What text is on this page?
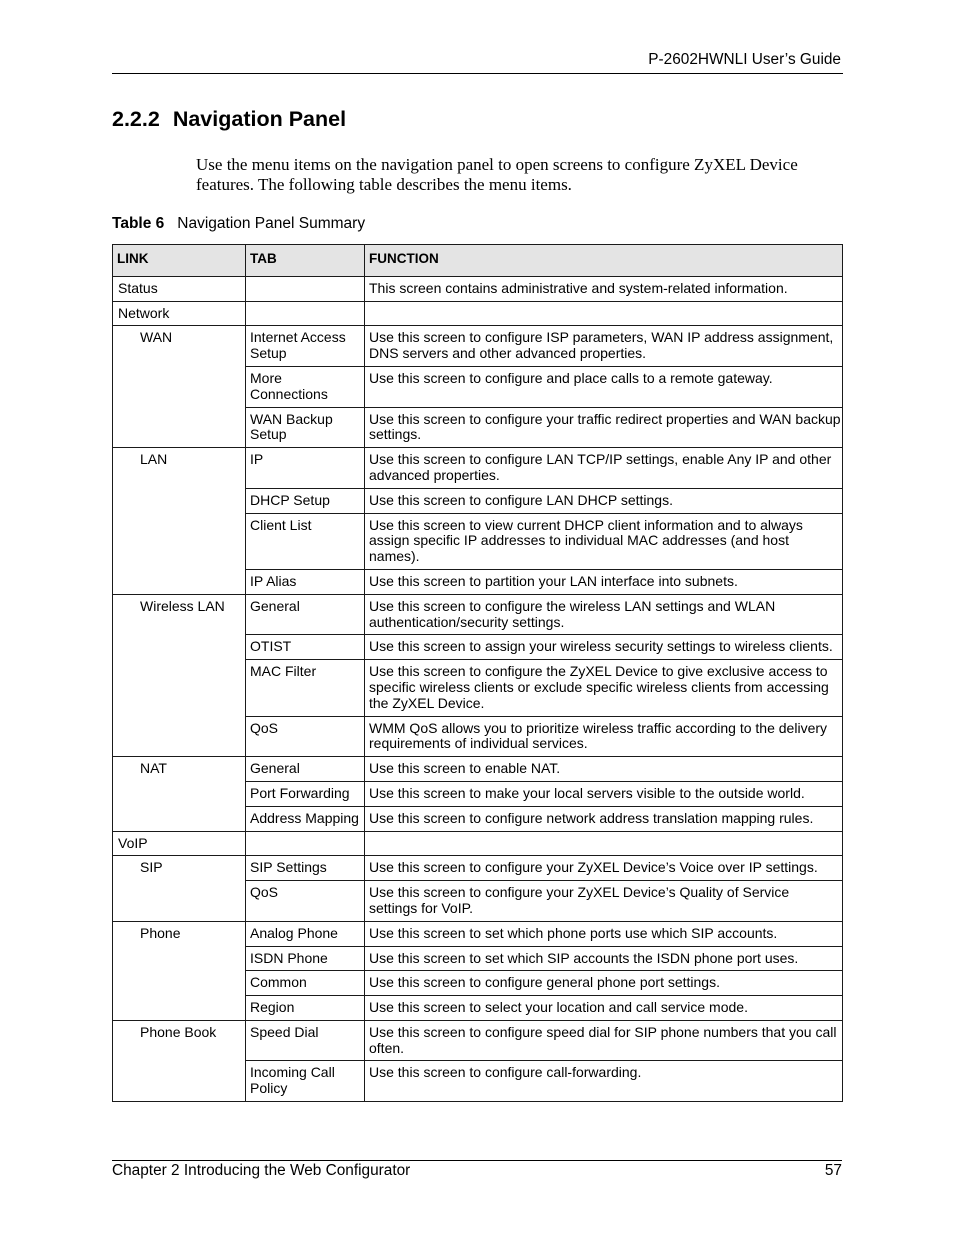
P-2602HWNLI User’s Guide
2.2.2 Navigation Panel

Use the menu items on the navigation panel to open screens to configure ZyXEL Device features. The following table describes the menu items.

Table 6 Navigation Panel Summary
LINK	TAB	FUNCTION
Status		This screen contains administrative and system-related information.

Network		
WAN	Internet Access Setup	Use this screen to configure ISP parameters, WAN IP address assignment,
DNS servers and other advanced properties.

	More Connections	Use this screen to configure and place calls to a remote gateway.

	WAN Backup Setup	Use this screen to configure your traffic redirect properties and WAN backup
settings.

LAN	IP	Use this screen to configure LAN TCP/IP settings, enable Any IP and other
advanced properties.

	DHCP Setup	Use this screen to configure LAN DHCP settings.

	Client List	Use this screen to view current DHCP client information and to always
assign specific IP addresses to individual MAC addresses (and host
names).

	IP Alias	Use this screen to partition your LAN interface into subnets.

Wireless LAN	General	Use this screen to configure the wireless LAN settings and WLAN
authentication/security settings.

	OTIST	Use this screen to assign your wireless security settings to wireless clients.

	MAC Filter	Use this screen to configure the ZyXEL Device to give exclusive access to
specific wireless clients or exclude specific wireless clients from accessing
the ZyXEL Device.

	QoS	WMM QoS allows you to prioritize wireless traffic according to the delivery
requirements of individual services.

NAT	General	Use this screen to enable NAT.

	Port Forwarding	Use this screen to make your local servers visible to the outside world.

	Address Mapping	Use this screen to configure network address translation mapping rules.

VoIP		
SIP	SIP Settings	Use this screen to configure your ZyXEL Device’s Voice over IP settings.

	QoS	Use this screen to configure your ZyXEL Device’s Quality of Service
settings for VoIP.

Phone	Analog Phone	Use this screen to set which phone ports use which SIP accounts.

	ISDN Phone	Use this screen to set which SIP accounts the ISDN phone port uses.

	Common	Use this screen to configure general phone port settings.

	Region	Use this screen to select your location and call service mode.

Phone Book	Speed Dial	Use this screen to configure speed dial for SIP phone numbers that you call
often.

	Incoming Call Policy	Use this screen to configure call-forwarding.
Chapter 2 Introducing the Web Configurator	57
